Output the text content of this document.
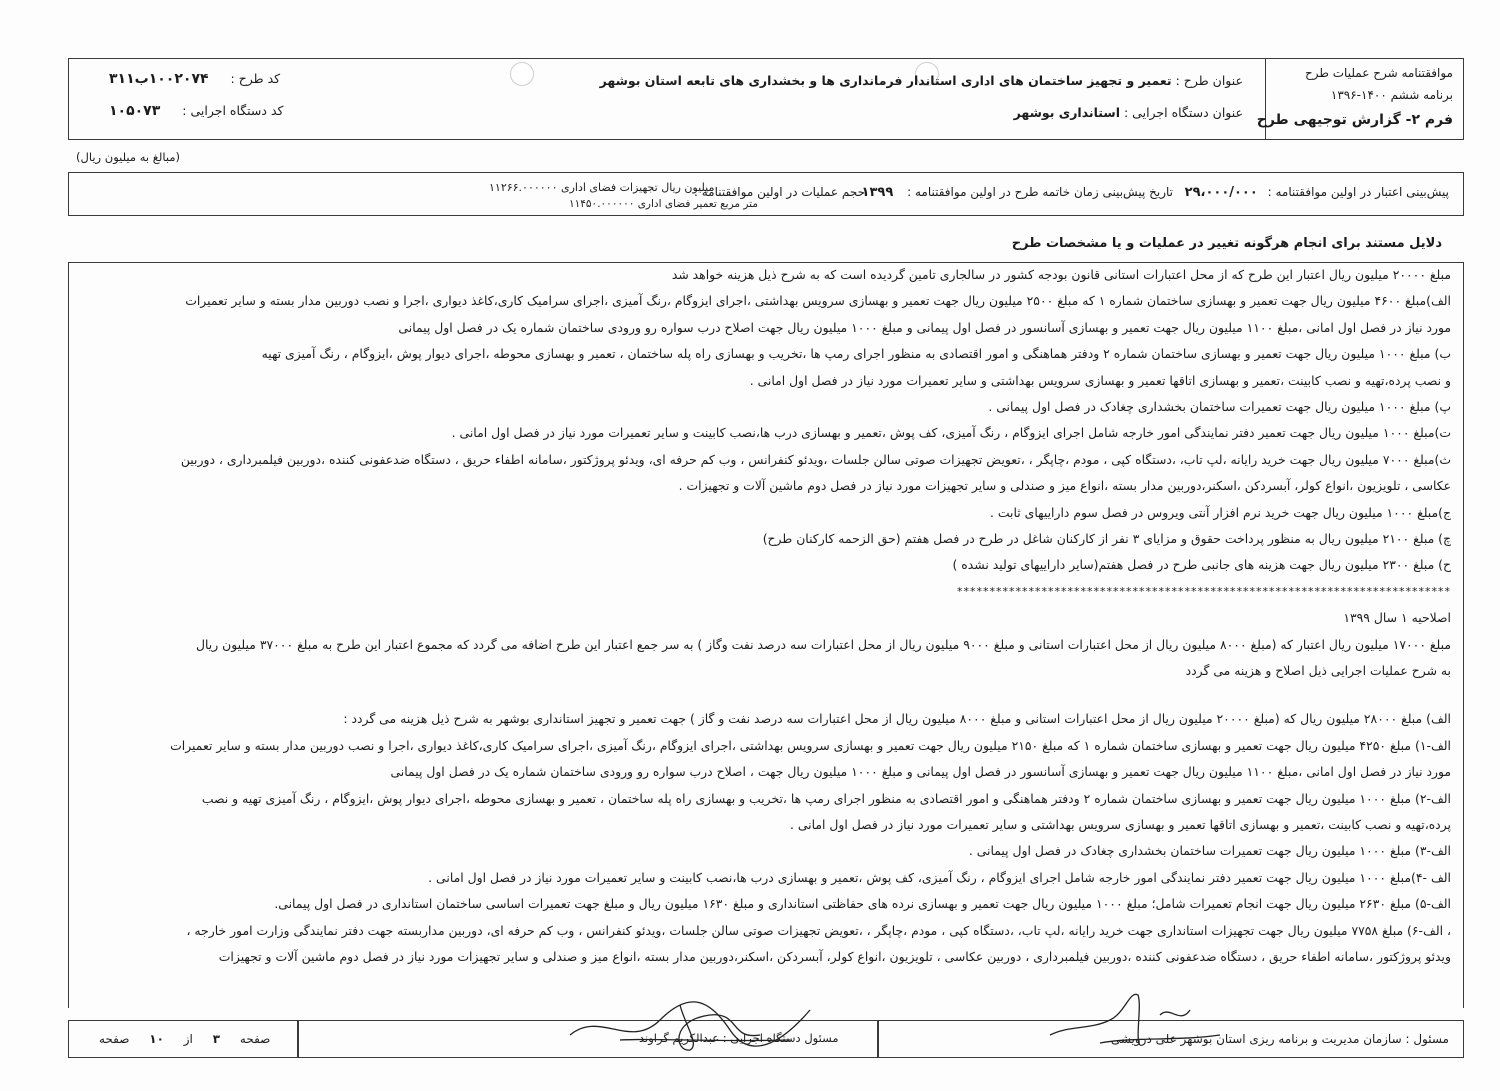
موافقتنامه شرح عملیات طرح
برنامه ششم ۱۴۰۰-۱۳۹۶
فرم ۲- گزارش توجیهی طرح
عنوان طرح : تعمیر و تجهیز ساختمان های اداری استاندار فرمانداری ها و بخشداری های تابعه استان بوشهر
عنوان دستگاه اجرایی : استانداری بوشهر
کد طرح : ۱۰۰۲۰۷۴ب۳۱۱
کد دستگاه اجرایی : ۱۰۵۰۷۳
(مبالغ به میلیون ریال)
پیش‌بینی اعتبار در اولین موافقتنامه : ۲۹،۰۰۰/۰۰۰
تاریخ پیش‌بینی زمان خاتمه طرح در اولین موافقتنامه : ۱۳۹۹
حجم عملیات در اولین موافقتنامه :
میلیون ریال تجهیزات فضای اداری ۱۱۲۶۶.۰۰۰۰۰۰
متر مربع تعمیر فضای اداری ۱۱۴۵۰.۰۰۰۰۰۰
دلایل مستند برای انجام هرگونه تغییر در عملیات و یا مشخصات طرح
مبلغ ۲۰۰۰۰ میلیون ریال اعتبار این طرح که از محل اعتبارات استانی قانون بودجه کشور در سالجاری تامین گردیده است که به شرح ذیل هزینه خواهد شد
الف)مبلغ ۴۶۰۰ میلیون ریال جهت تعمیر و بهسازی ساختمان شماره ۱ که مبلغ ۲۵۰۰ میلیون ریال جهت تعمیر و بهسازی سرویس بهداشتی ،اجرای ایزوگام ،رنگ آمیزی ،اجرای سرامیک کاری،کاغذ دیواری ،اجرا و نصب دوربین مدار بسته و سایر تعمیرات
مورد نیاز در فصل اول امانی ،مبلغ ۱۱۰۰ میلیون ریال جهت تعمیر و بهسازی آسانسور در فصل اول پیمانی و مبلغ ۱۰۰۰ میلیون ریال جهت اصلاح درب سواره رو ورودی ساختمان شماره یک در فصل اول پیمانی
ب) مبلغ ۱۰۰۰ میلیون ریال جهت تعمیر و بهسازی ساختمان شماره ۲ ودفتر هماهنگی و امور اقتصادی به منظور اجرای رمپ ها ،تخریب و بهسازی راه پله ساختمان ، تعمیر و بهسازی محوطه ،اجرای دیوار پوش ،ایزوگام ، رنگ آمیزی تهیه
و نصب پرده،تهیه و نصب کابینت ،تعمیر و بهسازی اتاقها تعمیر و بهسازی سرویس بهداشتی و سایر تعمیرات مورد نیاز در فصل اول امانی .
پ) مبلغ ۱۰۰۰ میلیون ریال جهت تعمیرات ساختمان بخشداری چغادک در فصل اول پیمانی .
ت)مبلغ ۱۰۰۰ میلیون ریال جهت تعمیر دفتر نمایندگی امور خارجه شامل اجرای ایزوگام ، رنگ آمیزی، کف پوش ،تعمیر و بهسازی درب ها،نصب کابینت و سایر تعمیرات مورد نیاز در فصل اول امانی .
ث)مبلغ ۷۰۰۰ میلیون ریال جهت خرید رایانه ،لپ تاب، ،دستگاه کپی ، مودم ،چاپگر ، ،تعویض تجهیزات صوتی سالن جلسات ،ویدئو کنفرانس ، وب کم حرفه ای، ویدئو پروژکتور ،سامانه اطفاء حریق ، دستگاه ضدعفونی کننده ،دوربین فیلمبرداری ، دوربین
عکاسی ، تلویزیون ،انواع کولر، آبسردکن ،اسکنر،دوربین مدار بسته ،انواع میز و صندلی و سایر تجهیزات مورد نیاز در فصل دوم ماشین آلات و تجهیزات .
ج)مبلغ ۱۰۰۰ میلیون ریال جهت خرید نرم افزار آنتی ویروس در فصل سوم داراییهای ثابت .
چ) مبلغ ۲۱۰۰ میلیون ریال به منظور پرداخت حقوق و مزایای ۳ نفر از کارکنان شاغل در طرح در فصل هفتم (حق الزحمه کارکنان طرح)
ح) مبلغ ۲۳۰۰ میلیون ریال جهت هزینه های جانبی طرح در فصل هفتم(سایر داراییهای تولید نشده )
****************************************************************************
اصلاحیه ۱ سال ۱۳۹۹
مبلغ ۱۷۰۰۰ میلیون ریال اعتبار که (مبلغ ۸۰۰۰ میلیون ریال از محل اعتبارات استانی و مبلغ ۹۰۰۰ میلیون ریال از محل اعتبارات سه درصد نفت وگاز ) به سر جمع اعتبار این طرح اضافه می گردد که مجموع اعتبار این طرح به مبلغ ۳۷۰۰۰ میلیون ریال
به شرح عملیات اجرایی ذیل اصلاح و هزینه می گردد
الف) مبلغ ۲۸۰۰۰ میلیون ریال که (مبلغ ۲۰۰۰۰ میلیون ریال از محل اعتبارات استانی و مبلغ ۸۰۰۰ میلیون ریال از محل اعتبارات سه درصد نفت و گاز ) جهت تعمیر و تجهیز استانداری بوشهر به شرح ذیل هزینه می گردد :
الف-۱) مبلغ ۴۲۵۰ میلیون ریال جهت تعمیر و بهسازی ساختمان شماره ۱ که مبلغ ۲۱۵۰ میلیون ریال جهت تعمیر و بهسازی سرویس بهداشتی ،اجرای ایزوگام ،رنگ آمیزی ،اجرای سرامیک کاری،کاغذ دیواری ،اجرا و نصب دوربین مدار بسته و سایر تعمیرات
مورد نیاز در فصل اول امانی ،مبلغ ۱۱۰۰ میلیون ریال جهت تعمیر و بهسازی آسانسور در فصل اول پیمانی و مبلغ ۱۰۰۰ میلیون ریال جهت ، اصلاح درب سواره رو ورودی ساختمان شماره یک در فصل اول پیمانی
الف-۲) مبلغ ۱۰۰۰ میلیون ریال جهت تعمیر و بهسازی ساختمان شماره ۲ ودفتر هماهنگی و امور اقتصادی به منظور اجرای رمپ ها ،تخریب و بهسازی راه پله ساختمان ، تعمیر و بهسازی محوطه ،اجرای دیوار پوش ،ایزوگام ، رنگ آمیزی تهیه و نصب
پرده،تهیه و نصب کابینت ،تعمیر و بهسازی اتاقها تعمیر و بهسازی سرویس بهداشتی و سایر تعمیرات مورد نیاز در فصل اول امانی .
الف-۳) مبلغ ۱۰۰۰ میلیون ریال جهت تعمیرات ساختمان بخشداری چغادک در فصل اول پیمانی .
الف -۴)مبلغ ۱۰۰۰ میلیون ریال جهت تعمیر دفتر نمایندگی امور خارجه شامل اجرای ایزوگام ، رنگ آمیزی، کف پوش ،تعمیر و بهسازی درب ها،نصب کابینت و سایر تعمیرات مورد نیاز در فصل اول امانی .
الف-۵) مبلغ ۲۶۳۰ میلیون ریال جهت انجام تعمیرات شامل؛ مبلغ ۱۰۰۰ میلیون ریال جهت تعمیر و بهسازی نرده های حفاظتی استانداری و مبلغ ۱۶۳۰ میلیون ریال و مبلغ جهت تعمیرات اساسی ساختمان استانداری در فصل اول پیمانی.
، الف-۶) مبلغ ۷۷۵۸ میلیون ریال جهت تجهیزات استانداری جهت خرید رایانه ،لپ تاب، ،دستگاه کپی ، مودم ،چاپگر ، ،تعویض تجهیزات صوتی سالن جلسات ،ویدئو کنفرانس ، وب کم حرفه ای، دوربین مداربسته جهت دفتر نمایندگی وزارت امور خارجه ،
ویدئو پروژکتور ،سامانه اطفاء حریق ، دستگاه ضدعفونی کننده ،دوربین فیلمبرداری ، دوربین عکاسی ، تلویزیون ،انواع کولر، آبسردکن ،اسکنر،دوربین مدار بسته ،انواع میز و صندلی و سایر تجهیزات مورد نیاز در فصل دوم ماشین آلات و تجهیزات
مسئول : سازمان مدیریت و برنامه ریزی استان بوشهر علی درویشی
مسئول دستگاه اجرایی : عبدالکریم گراوند
صفحه ۳ از ۱۰ صفحه
